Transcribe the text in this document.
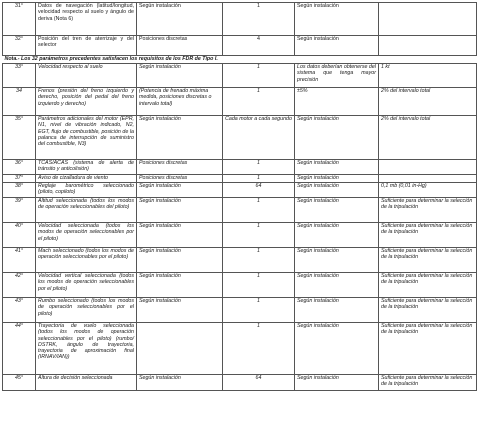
31°	Datos de navegación (latitud/longitud, velocidad respecto al suelo y ángulo de deriva (Nota 6)	Según instalación	1	Según instalación	
32°	Posición del tren de aterrizaje y del selector	Posiciones discretas	4	Según instalación	
Nota.- Los 32 parámetros precedentes satisfacen los requisitos de los FDR de Tipo I.					
33°	Velocidad respecto al suelo	Según instalación	1	Los datos deberían obtenerse del sistema que tenga mayor precisión	1 kt
34	Frenos (presión del freno izquierdo y derecho, posición del pedal del freno izquierdo y derecho)	(Potencia de frenado máxima medida, posiciones discretas o intervalo total)	1	±5%	2% del intervalo total
35°	Parámetros adicionales del motor (EPR, N1, nivel de vibración indicado, N2, EGT, flujo de combustible, posición de la palanca de interrupción de suministro del combustible, N3)	Según instalación	Cada motor a cada segundo	Según instalación	2% del intervalo total
36°	TCAS/ACAS (sistema de alerta de tránsito y anticolisión)	Posiciones discretas	1	Según instalación	
37°	Aviso de cizalladura de viento	Posiciones discretas	1	Según instalación	
38°	Reglaje barométrico seleccionado (piloto, copiloto)	Según instalación	64	Según instalación	0,1 mb (0,01 in-Hg)
39°	Altitud seleccionada (todos los modos de operación seleccionables del piloto)	Según instalación	1	Según instalación	Suficiente para determinar la selección de la tripulación
40°	Velocidad seleccionada (todos los modos de operación seleccionables por el piloto)	Según instalación	1	Según instalación	Suficiente para determinar la selección de la tripulación
41°	Mach seleccionado (todos los modos de operación seleccionables por el piloto)	Según instalación	1	Según instalación	Suficiente para determinar la selección de la tripulación
42°	Velocidad vertical seleccionada (todos los modos de operación seleccionables por el piloto)	Según instalación	1	Según instalación	Suficiente para determinar la selección de la tripulación
43°	Rumbo seleccionado (todos los modos de operación seleccionables por el piloto)	Según instalación	1	Según instalación	Suficiente para determinar la selección de la tripulación
44°	Trayectoria de vuelo seleccionada (todos los modos de operación seleccionables por el piloto) (rumbo/ DSTRK, ángulo de trayectoria, trayectoria de aproximación final (IRNAV/IAN))		1	Según instalación	Suficiente para determinar la selección de la tripulación
45°	Altura de decisión seleccionada	Según instalación	64	Según instalación	Suficiente para determinar la selección de la tripulación
